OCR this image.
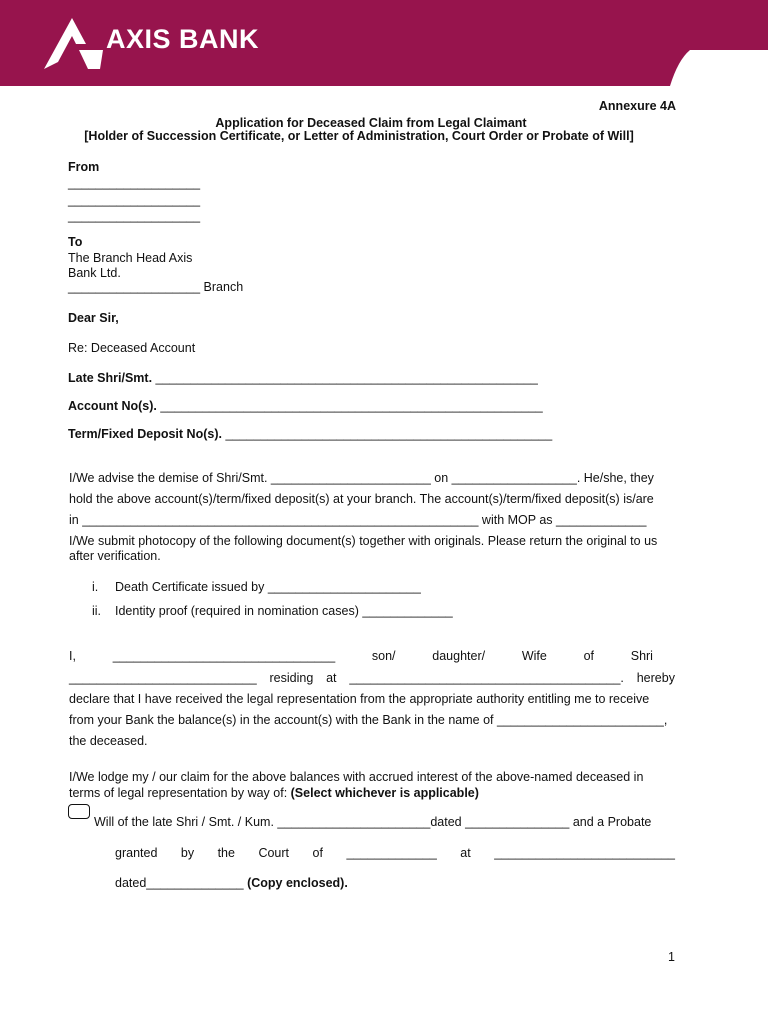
AXIS BANK
Annexure 4A
Application for Deceased Claim from Legal Claimant
[Holder of Succession Certificate, or Letter of Administration, Court Order or Probate of Will]
From
___________________
___________________
___________________
To
The Branch Head Axis
Bank Ltd.
___________________ Branch
Dear Sir,
Re: Deceased Account
Late Shri/Smt. _______________________________________________________
Account No(s). _______________________________________________________
Term/Fixed Deposit No(s). _______________________________________________
I/We advise the demise of Shri/Smt. _______________________ on __________________. He/she, they
hold the above account(s)/term/fixed deposit(s) at your branch. The account(s)/term/fixed deposit(s) is/are
in _________________________________________________________ with MOP as _____________
I/We submit photocopy of the following document(s) together with originals. Please return the original to us
after verification.
i. Death Certificate issued by ______________________
ii. Identity proof (required in nomination cases) _____________
I,	________________________________	son/	daughter/	Wife	of	Shri
___________________________ residing at _______________________________________. hereby
declare that I have received the legal representation from the appropriate authority entitling me to receive
from your Bank the balance(s) in the account(s) with the Bank in the name of ________________________,
the deceased.
I/We lodge my / our claim for the above balances with accrued interest of the above-named deceased in
terms of legal representation by way of: (Select whichever is applicable)
Will of the late Shri / Smt. / Kum. ______________________dated _______________ and a Probate
granted by the Court of _____________ at __________________________
dated______________ (Copy enclosed).
1
